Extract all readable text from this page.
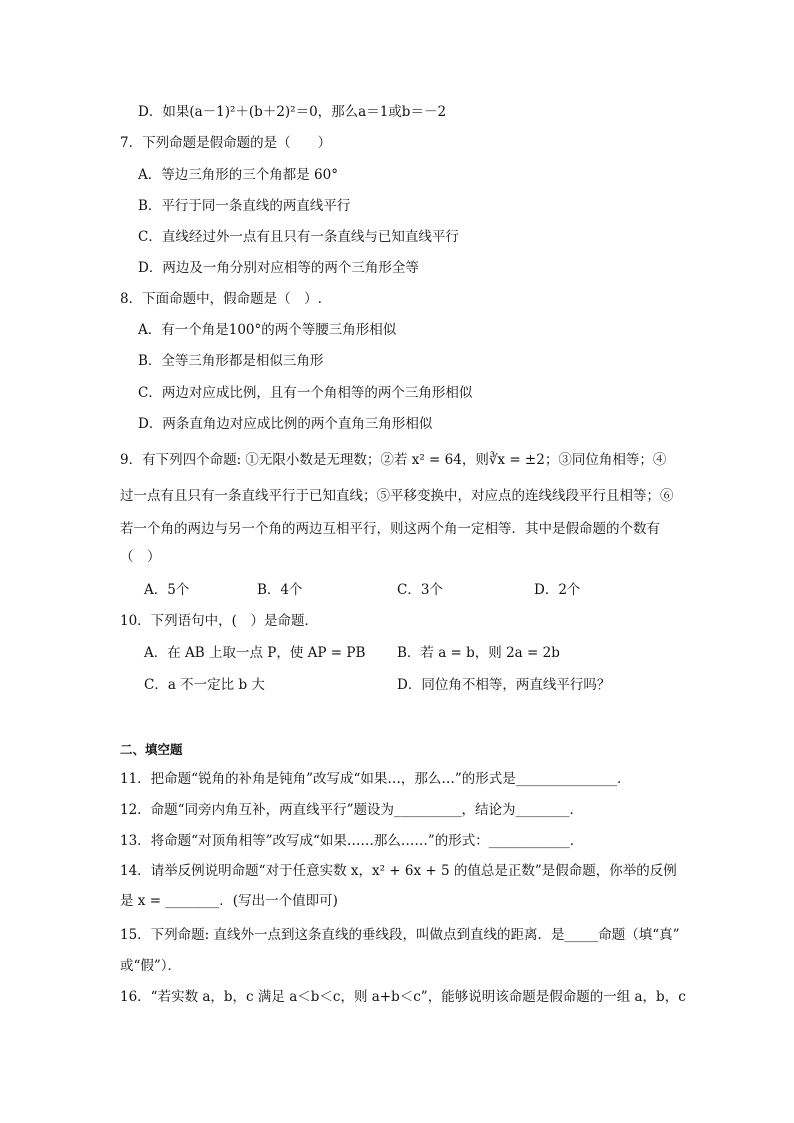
D．如果(a－1)²＋(b＋2)²＝0，那么a＝1或b＝－2
7．下列命题是假命题的是（　　）
A．等边三角形的三个角都是 60°
B．平行于同一条直线的两直线平行
C．直线经过外一点有且只有一条直线与已知直线平行
D．两边及一角分别对应相等的两个三角形全等
8．下面命题中，假命题是（　）.
A．有一个角是100°的两个等腰三角形相似
B．全等三角形都是相似三角形
C．两边对应成比例，且有一个角相等的两个三角形相似
D．两条直角边对应成比例的两个直角三角形相似
9．有下列四个命题: ①无限小数是无理数；②若 x² = 64，则∛x = ±2；③同位角相等；④
过一点有且只有一条直线平行于已知直线；⑤平移变换中，对应点的连线线段平行且相等；⑥
若一个角的两边与另一个角的两边互相平行，则这两个角一定相等．其中是假命题的个数有
（　）
A．5个	B．4个	C．3个	D．2个
10．下列语句中，(　）是命题．
A．在 AB 上取一点 P，使 AP = PB B．若 a = b，则 2a = 2b
C．a 不一定比 b 大	D．同位角不相等，两直线平行吗？
二、填空题
11．把命题“锐角的补角是钝角”改写成“如果…，那么…”的形式是_______________．
12．命题“同旁内角互补，两直线平行”题设为__________，结论为________．
13．将命题“对顶角相等”改写成“如果……那么……”的形式：____________．
14．请举反例说明命题“对于任意实数 x，x² + 6x + 5 的值总是正数”是假命题，你举的反例
是 x = ________．(写出一个值即可)
15．下列命题: 直线外一点到这条直线的垂线段，叫做点到直线的距离．是_____命题（填“真”
或“假”）．
16．“若实数 a，b，c 满足 a＜b＜c，则 a+b＜c”，能够说明该命题是假命题的一组 a，b，c
